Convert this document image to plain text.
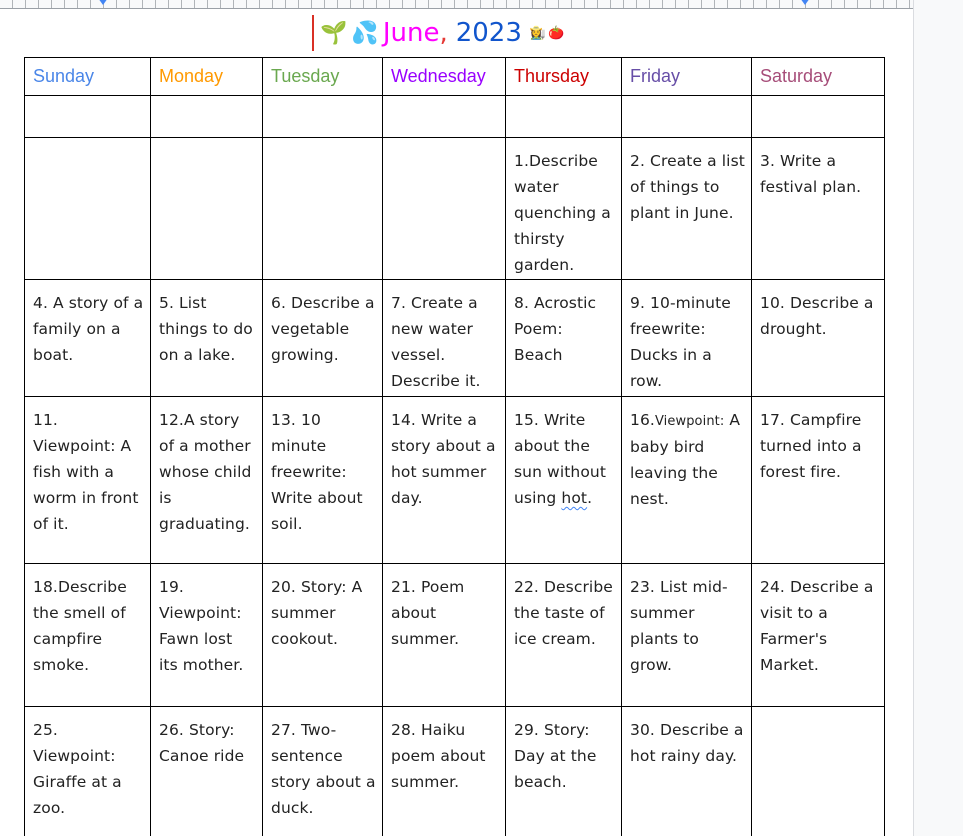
🌱 💦 June , 2023 👩‍🌾 🍅
Sunday	Monday	Tuesday	Wednesday	Thursday	Friday	Saturday

				1.Describe water quenching a thirsty garden.	2. Create a list of things to plant in June.	3. Write a festival plan.
4. A story of a family on a boat.	5. List things to do on a lake.	6. Describe a vegetable growing.	7. Create a new water vessel. Describe it.	8. Acrostic Poem: Beach	9. 10-minute freewrite: Ducks in a row.	10. Describe a drought.
11. Viewpoint: A fish with a worm in front of it.	12.A story of a mother whose child is graduating.	13. 10 minute freewrite: Write about soil.	14. Write a story about a hot summer day.	15. Write about the sun without using hot.	16.Viewpoint: A baby bird leaving the nest.	17. Campfire turned into a forest fire.
18.Describe the smell of campfire smoke.	19. Viewpoint: Fawn lost its mother.	20. Story: A summer cookout.	21. Poem about summer.	22. Describe the taste of ice cream.	23. List mid-summer plants to grow.	24. Describe a visit to a Farmer's Market.
25. Viewpoint: Giraffe at a zoo.	26. Story: Canoe ride	27. Two-sentence story about a duck.	28. Haiku poem about summer.	29. Story: Day at the beach.	30. Describe a hot rainy day.	
